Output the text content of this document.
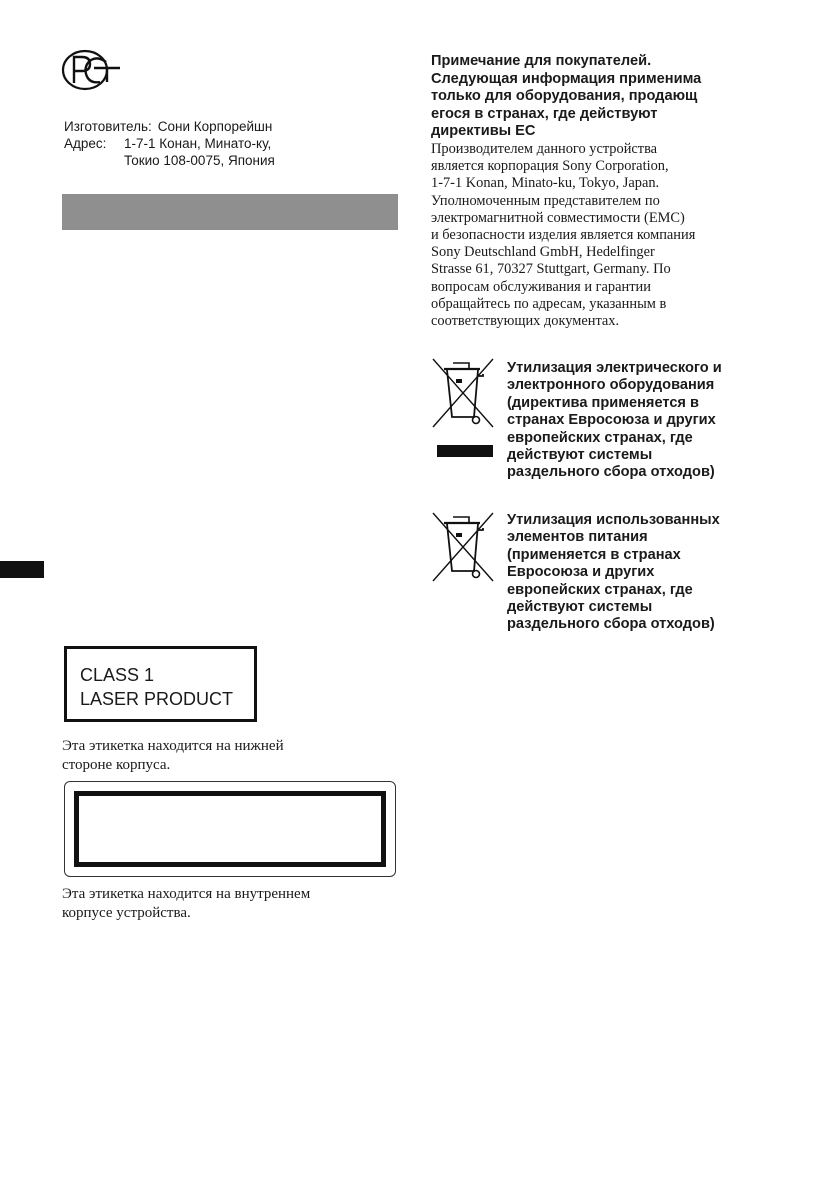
Изготовитель: Сони Корпорейшн
Адрес:	1-7-1 Конан, Минато-ку,
Токио 108-0075, Япония
CLASS 1
LASER PRODUCT
Эта этикетка находится на нижней
стороне корпуса.
Эта этикетка находится на внутреннем
корпусе устройства.
Примечание для покупателей.
Следующая информация применима
только для оборудования, продающ
егося в странах, где действуют
директивы ЕС
Производителем данного устройства
является корпорация Sony Corporation,
1-7-1 Konan, Minato-ku, Tokyo, Japan.
Уполномоченным представителем по
электромагнитной совместимости (EMC)
и безопасности изделия является компания
Sony Deutschland GmbH, Hedelfinger
Strasse 61, 70327 Stuttgart, Germany. По
вопросам обслуживания и гарантии
обращайтесь по адресам, указанным в
соответствующих документах.
Утилизация электрического и
электронного оборудования
(директива применяется в
странах Евросоюза и других
европейских странах, где
действуют системы
раздельного сбора отходов)
Утилизация использованных
элементов питания
(применяется в странах
Евросоюза и других
европейских странах, где
действуют системы
раздельного сбора отходов)
